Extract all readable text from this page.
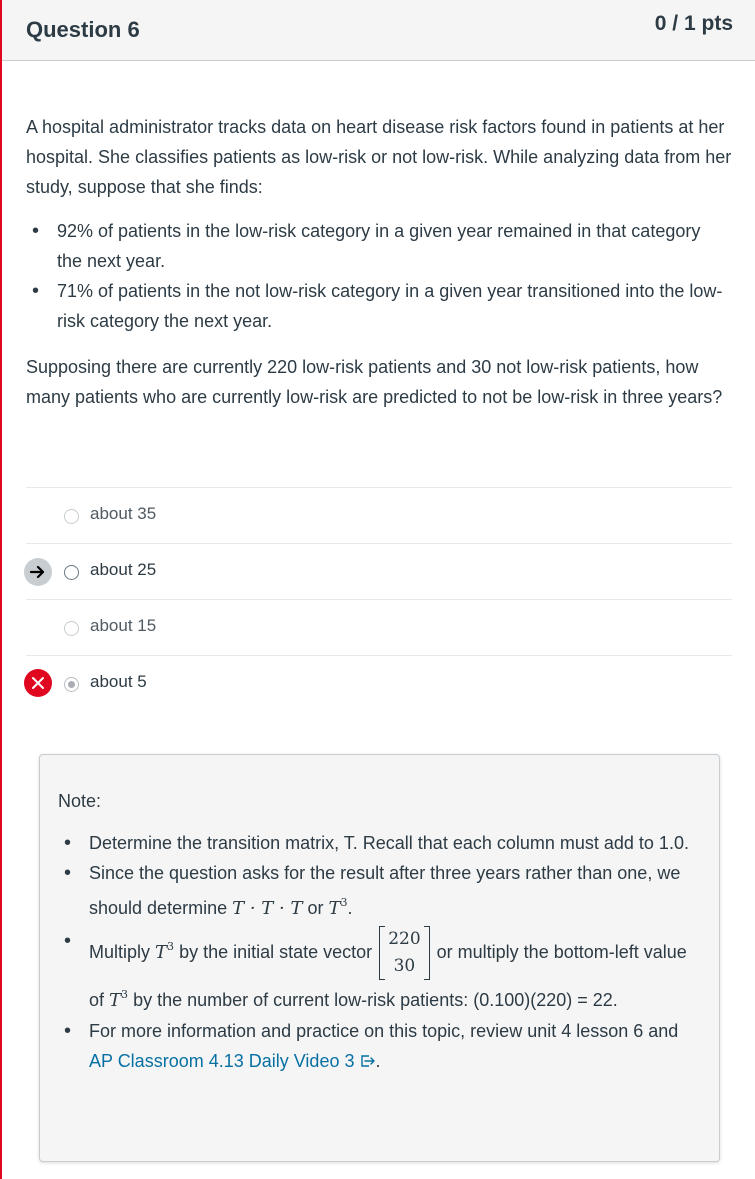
Question 6	0 / 1 pts

A hospital administrator tracks data on heart disease risk factors found in patients at her hospital. She classifies patients as low-risk or not low-risk. While analyzing data from her study, suppose that she finds:

• 92% of patients in the low-risk category in a given year remained in that category the next year.
• 71% of patients in the not low-risk category in a given year transitioned into the low-risk category the next year.

Supposing there are currently 220 low-risk patients and 30 not low-risk patients, how many patients who are currently low-risk are predicted to not be low-risk in three years?

about 35
about 25
about 15
about 5
Note:
• Determine the transition matrix, T. Recall that each column must add to 1.0.
• Since the question asks for the result after three years rather than one, we should determine T · T · T or $T^3$.
• Multiply $T^3$ by the initial state vector 220
30 or multiply the bottom-left value of $T^3$ by the number of current low-risk patients: (0.100)(220) = 22.
• For more information and practice on this topic, review unit 4 lesson 6 and AP Classroom 4.13 Daily Video 3 .
